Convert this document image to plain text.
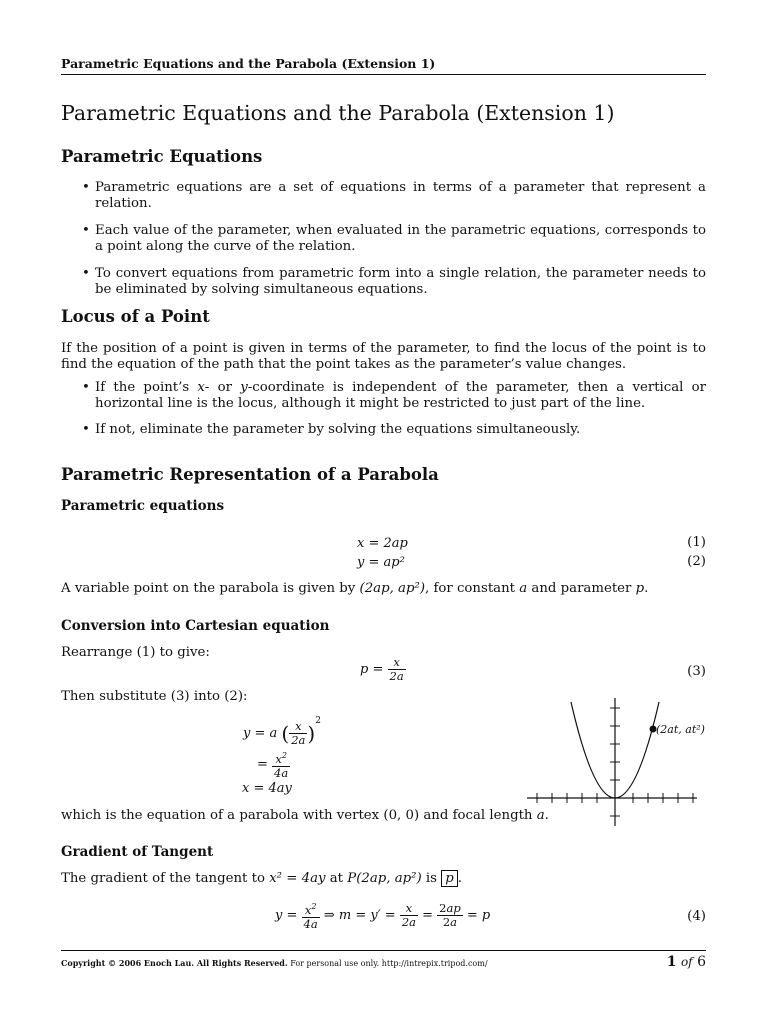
Parametric Equations and the Parabola (Extension 1)
Parametric Equations and the Parabola (Extension 1)
Parametric Equations
• Parametric equations are a set of equations in terms of a parameter that represent a relation.
• Each value of the parameter, when evaluated in the parametric equations, corresponds to a point along the curve of the relation.
• To convert equations from parametric form into a single relation, the parameter needs to be eliminated by solving simultaneous equations.
Locus of a Point
If the position of a point is given in terms of the parameter, to find the locus of the point is to find the equation of the path that the point takes as the parameter’s value changes.
• If the point’s x- or y-coordinate is independent of the parameter, then a vertical or horizontal line is the locus, although it might be restricted to just part of the line.
• If not, eliminate the parameter by solving the equations simultaneously.
Parametric Representation of a Parabola
Parametric equations
x = 2ap	(1)
y = ap²	(2)
A variable point on the parabola is given by (2ap, ap²), for constant a and parameter p.
Conversion into Cartesian equation
Rearrange (1) to give:
$p = \frac{x}{2a}$	(3)
Then substitute (3) into (2):
y = a ( $\frac{x}{2a} )^2$
= $\frac{x^2}{4a}$
x = 4ay
which is the equation of a parabola with vertex (0, 0) and focal length a.
(2at, at²)
Gradient of Tangent
The gradient of the tangent to x² = 4ay at P(2ap, ap²) is p .
$y = \frac{x^2}{4a}$ ⇒ $m = y' = \frac{x}{2a} = \frac{2ap}{2a} = p$	(4)
Copyright © 2006 Enoch Lau. All Rights Reserved. For personal use only. http://intrepix.tripod.com/	1 of 6
